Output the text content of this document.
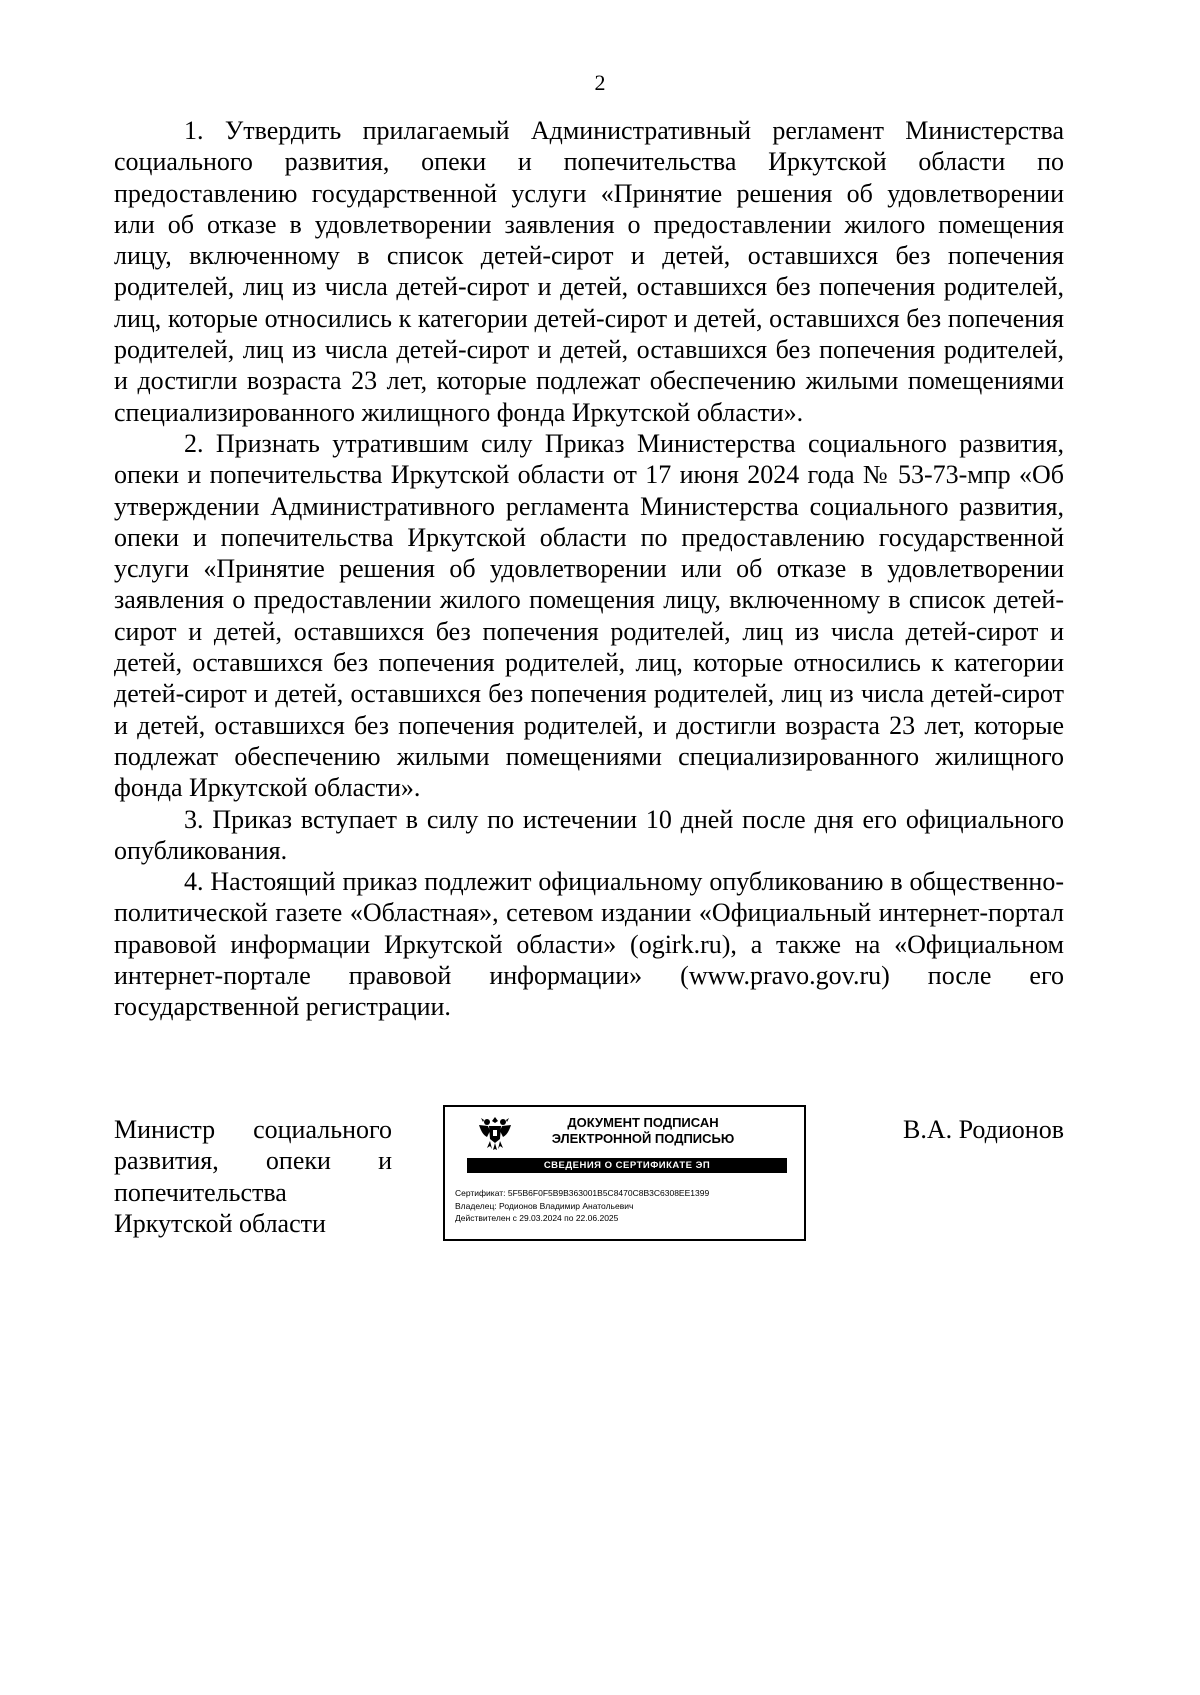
2

1. Утвердить прилагаемый Административный регламент Министерства социального развития, опеки и попечительства Иркутской области по предоставлению государственной услуги «Принятие решения об удовлетворении или об отказе в удовлетворении заявления о предоставлении жилого помещения лицу, включенному в список детей-сирот и детей, оставшихся без попечения родителей, лиц из числа детей-сирот и детей, оставшихся без попечения родителей, лиц, которые относились к категории детей-сирот и детей, оставшихся без попечения родителей, лиц из числа детей-сирот и детей, оставшихся без попечения родителей, и достигли возраста 23 лет, которые подлежат обеспечению жилыми помещениями специализированного жилищного фонда Иркутской области».

2. Признать утратившим силу Приказ Министерства социального развития, опеки и попечительства Иркутской области от 17 июня 2024 года № 53-73-мпр «Об утверждении Административного регламента Министерства социального развития, опеки и попечительства Иркутской области по предоставлению государственной услуги «Принятие решения об удовлетворении или об отказе в удовлетворении заявления о предоставлении жилого помещения лицу, включенному в список детей-сирот и детей, оставшихся без попечения родителей, лиц из числа детей-сирот и детей, оставшихся без попечения родителей, лиц, которые относились к категории детей-сирот и детей, оставшихся без попечения родителей, лиц из числа детей-сирот и детей, оставшихся без попечения родителей, и достигли возраста 23 лет, которые подлежат обеспечению жилыми помещениями специализированного жилищного фонда Иркутской области».

3. Приказ вступает в силу по истечении 10 дней после дня его официального опубликования.

4. Настоящий приказ подлежит официальному опубликованию в общественно-политической газете «Областная», сетевом издании «Официальный интернет-портал правовой информации Иркутской области» (ogirk.ru), а также на «Официальном интернет-портале правовой информации» (www.pravo.gov.ru) после его государственной регистрации.

Министр социального
развития, опеки и
попечительства
Иркутской области
ДОКУМЕНТ ПОДПИСАН
ЭЛЕКТРОННОЙ ПОДПИСЬЮ
СВЕДЕНИЯ О СЕРТИФИКАТЕ ЭП
Сертификат: 5F5B6F0F5B9B363001B5C8470C8B3C6308EE1399
Владелец: Родионов Владимир Анатольевич
Действителен с 29.03.2024 по 22.06.2025
В.А. Родионов
